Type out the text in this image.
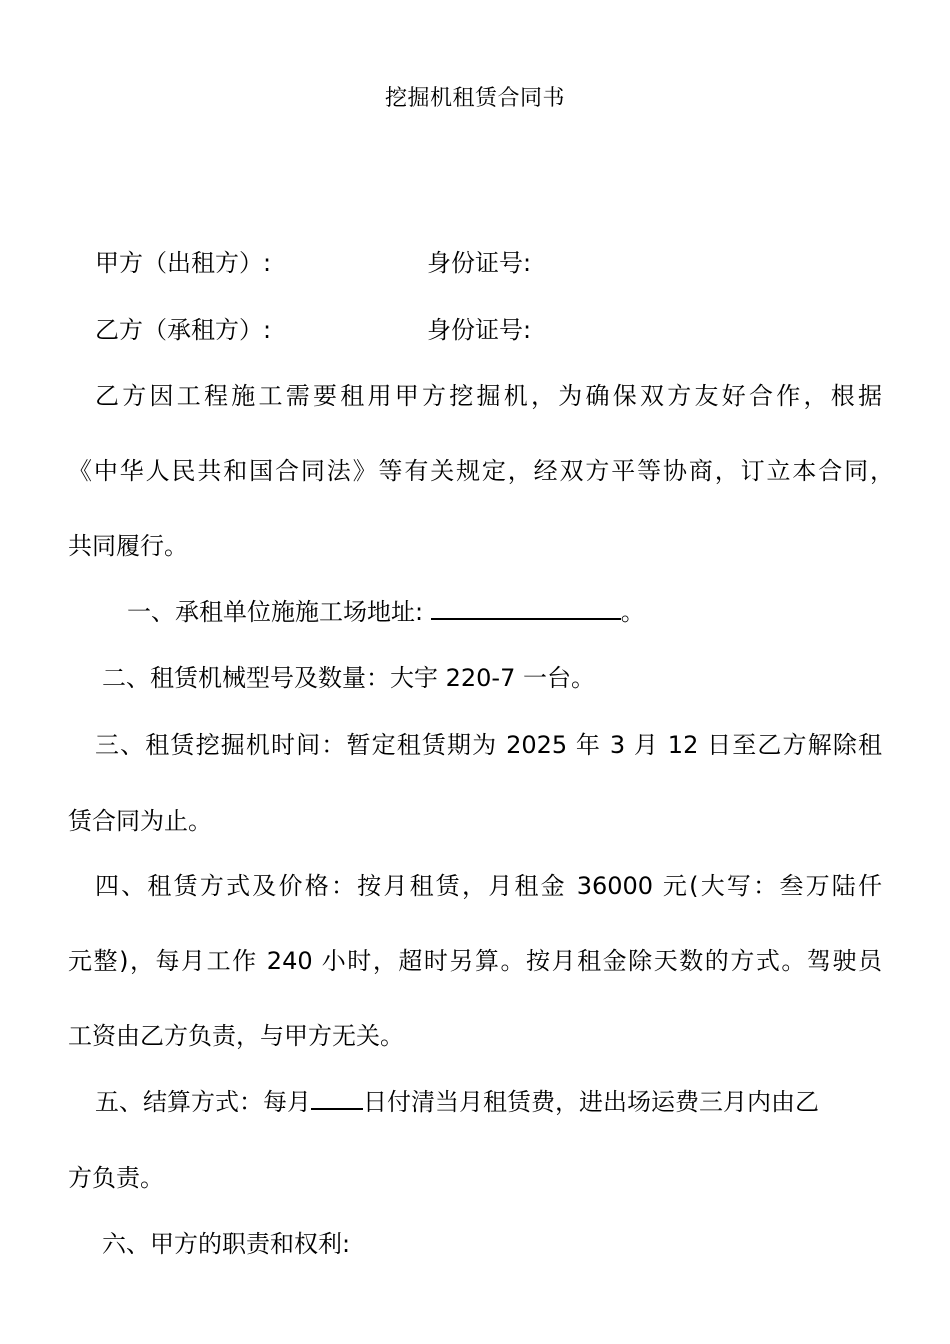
挖掘机租赁合同书
甲方（出租方）:	身份证号:
乙方（承租方）:	身份证号:
乙方因工程施工需要租用甲方挖掘机，为确保双方友好合作，根据
《中华人民共和国合同法》等有关规定，经双方平等协商，订立本合同，
共同履行。
一、承租单位施施工场地址:	。
二、租赁机械型号及数量：大宇 220-7 一台。
三、租赁挖掘机时间：暂定租赁期为 2025 年 3 月 12 日至乙方解除租
赁合同为止。
四、租赁方式及价格：按月租赁，月租金 36000 元(大写：叁万陆仟
元整)，每月工作 240 小时，超时另算。按月租金除天数的方式。驾驶员
工资由乙方负责，与甲方无关。
五、结算方式：每月 日付清当月租赁费，进出场运费三月内由乙
方负责。
六、甲方的职责和权利:
